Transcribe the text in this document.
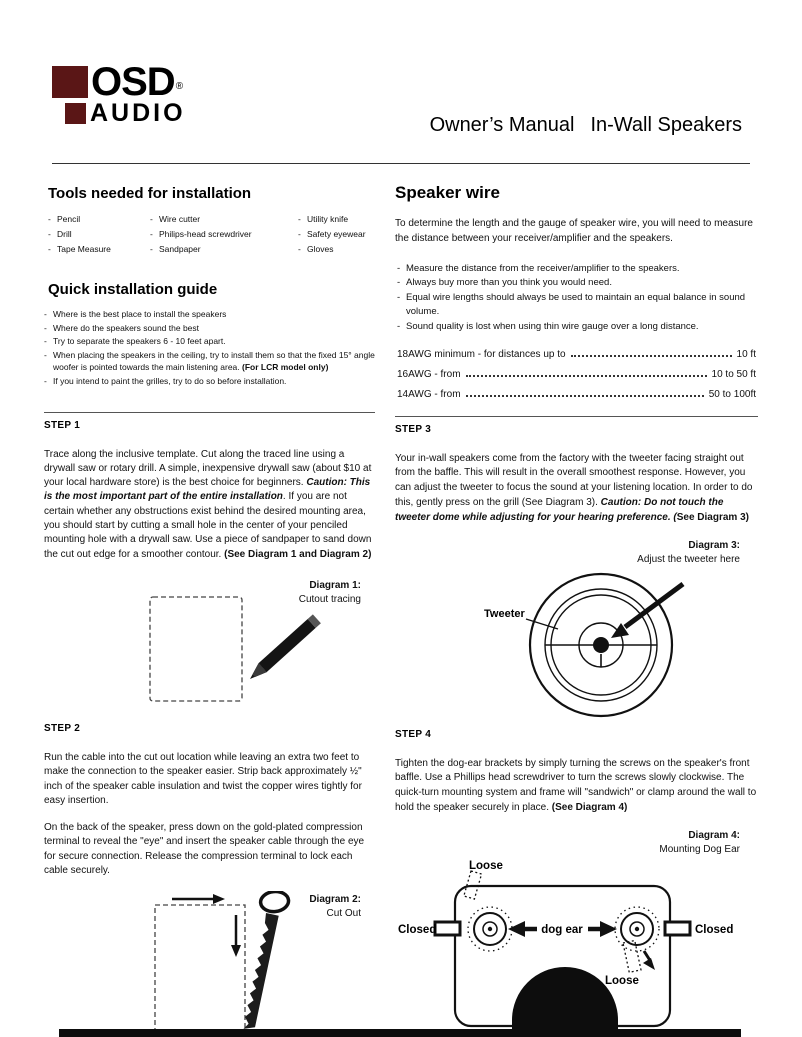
OSD®
AUDIO	Owner’s Manual In-Wall Speakers
Tools needed for installation
- Pencil
- Drill
- Tape Measure
- Wire cutter
- Philips-head screwdriver
- Sandpaper
- Utility knife
- Safety eyewear
- Gloves
Quick installation guide
- Where is the best place to install the speakers
- Where do the speakers sound the best
- Try to separate the speakers 6 - 10 feet apart.
- When placing the speakers in the ceiling, try to install them so that the fixed 15° angle woofer is pointed towards the main listening area. (For LCR model only)
- If you intend to paint the grilles, try to do so before installation.
STEP 1

Trace along the inclusive template. Cut along the traced line using a drywall saw or rotary drill. A simple, inexpensive drywall saw (about $10 at your local hardware store) is the best choice for beginners. Caution: This is the most important part of the entire installation. If you are not certain whether any obstructions exist behind the desired mounting area, you should start by cutting a small hole in the center of your penciled mounting hole with a drywall saw. Use a piece of sandpaper to sand down the cut out edge for a smoother contour. (See Diagram 1 and Diagram 2)

Diagram 1:
Cutout tracing
STEP 2

Run the cable into the cut out location while leaving an extra two feet to make the connection to the speaker easier. Strip back approximately ½" inch of the speaker cable insulation and twist the copper wires tightly for easy insertion.

On the back of the speaker, press down on the gold-plated compression terminal to reveal the "eye" and insert the speaker cable through the eye for secure connection. Release the compression terminal to lock each cable securely.

Diagram 2:
Cut Out
Speaker wire

To determine the length and the gauge of speaker wire, you will need to measure the distance between your receiver/amplifier and the speakers.

- Measure the distance from the receiver/amplifier to the speakers.
- Always buy more than you think you would need.
- Equal wire lengths should always be used to maintain an equal balance in sound volume.
- Sound quality is lost when using thin wire gauge over a long distance.
18AWG minimum - for distances up to	10 ft
16AWG - from	10 to 50 ft
14AWG - from	50 to 100ft
STEP 3

Your in-wall speakers come from the factory with the tweeter facing straight out from the baffle. This will result in the overall smoothest response. However, you can adjust the tweeter to focus the sound at your listening location. In order to do this, gently press on the grill (See Diagram 3). Caution: Do not touch the tweeter dome while adjusting for your hearing preference. (See Diagram 3)

Diagram 3:
Adjust the tweeter here
Tweeter
STEP 4

Tighten the dog-ear brackets by simply turning the screws on the speaker's front baffle. Use a Phillips head screwdriver to turn the screws slowly clockwise. The quick-turn mounting system and frame will "sandwich" or clamp around the wall to hold the speaker securely in place. (See Diagram 4)

Diagram 4:
Mounting Dog Ear
Loose
Closed	dog ear	Closed
Loose
